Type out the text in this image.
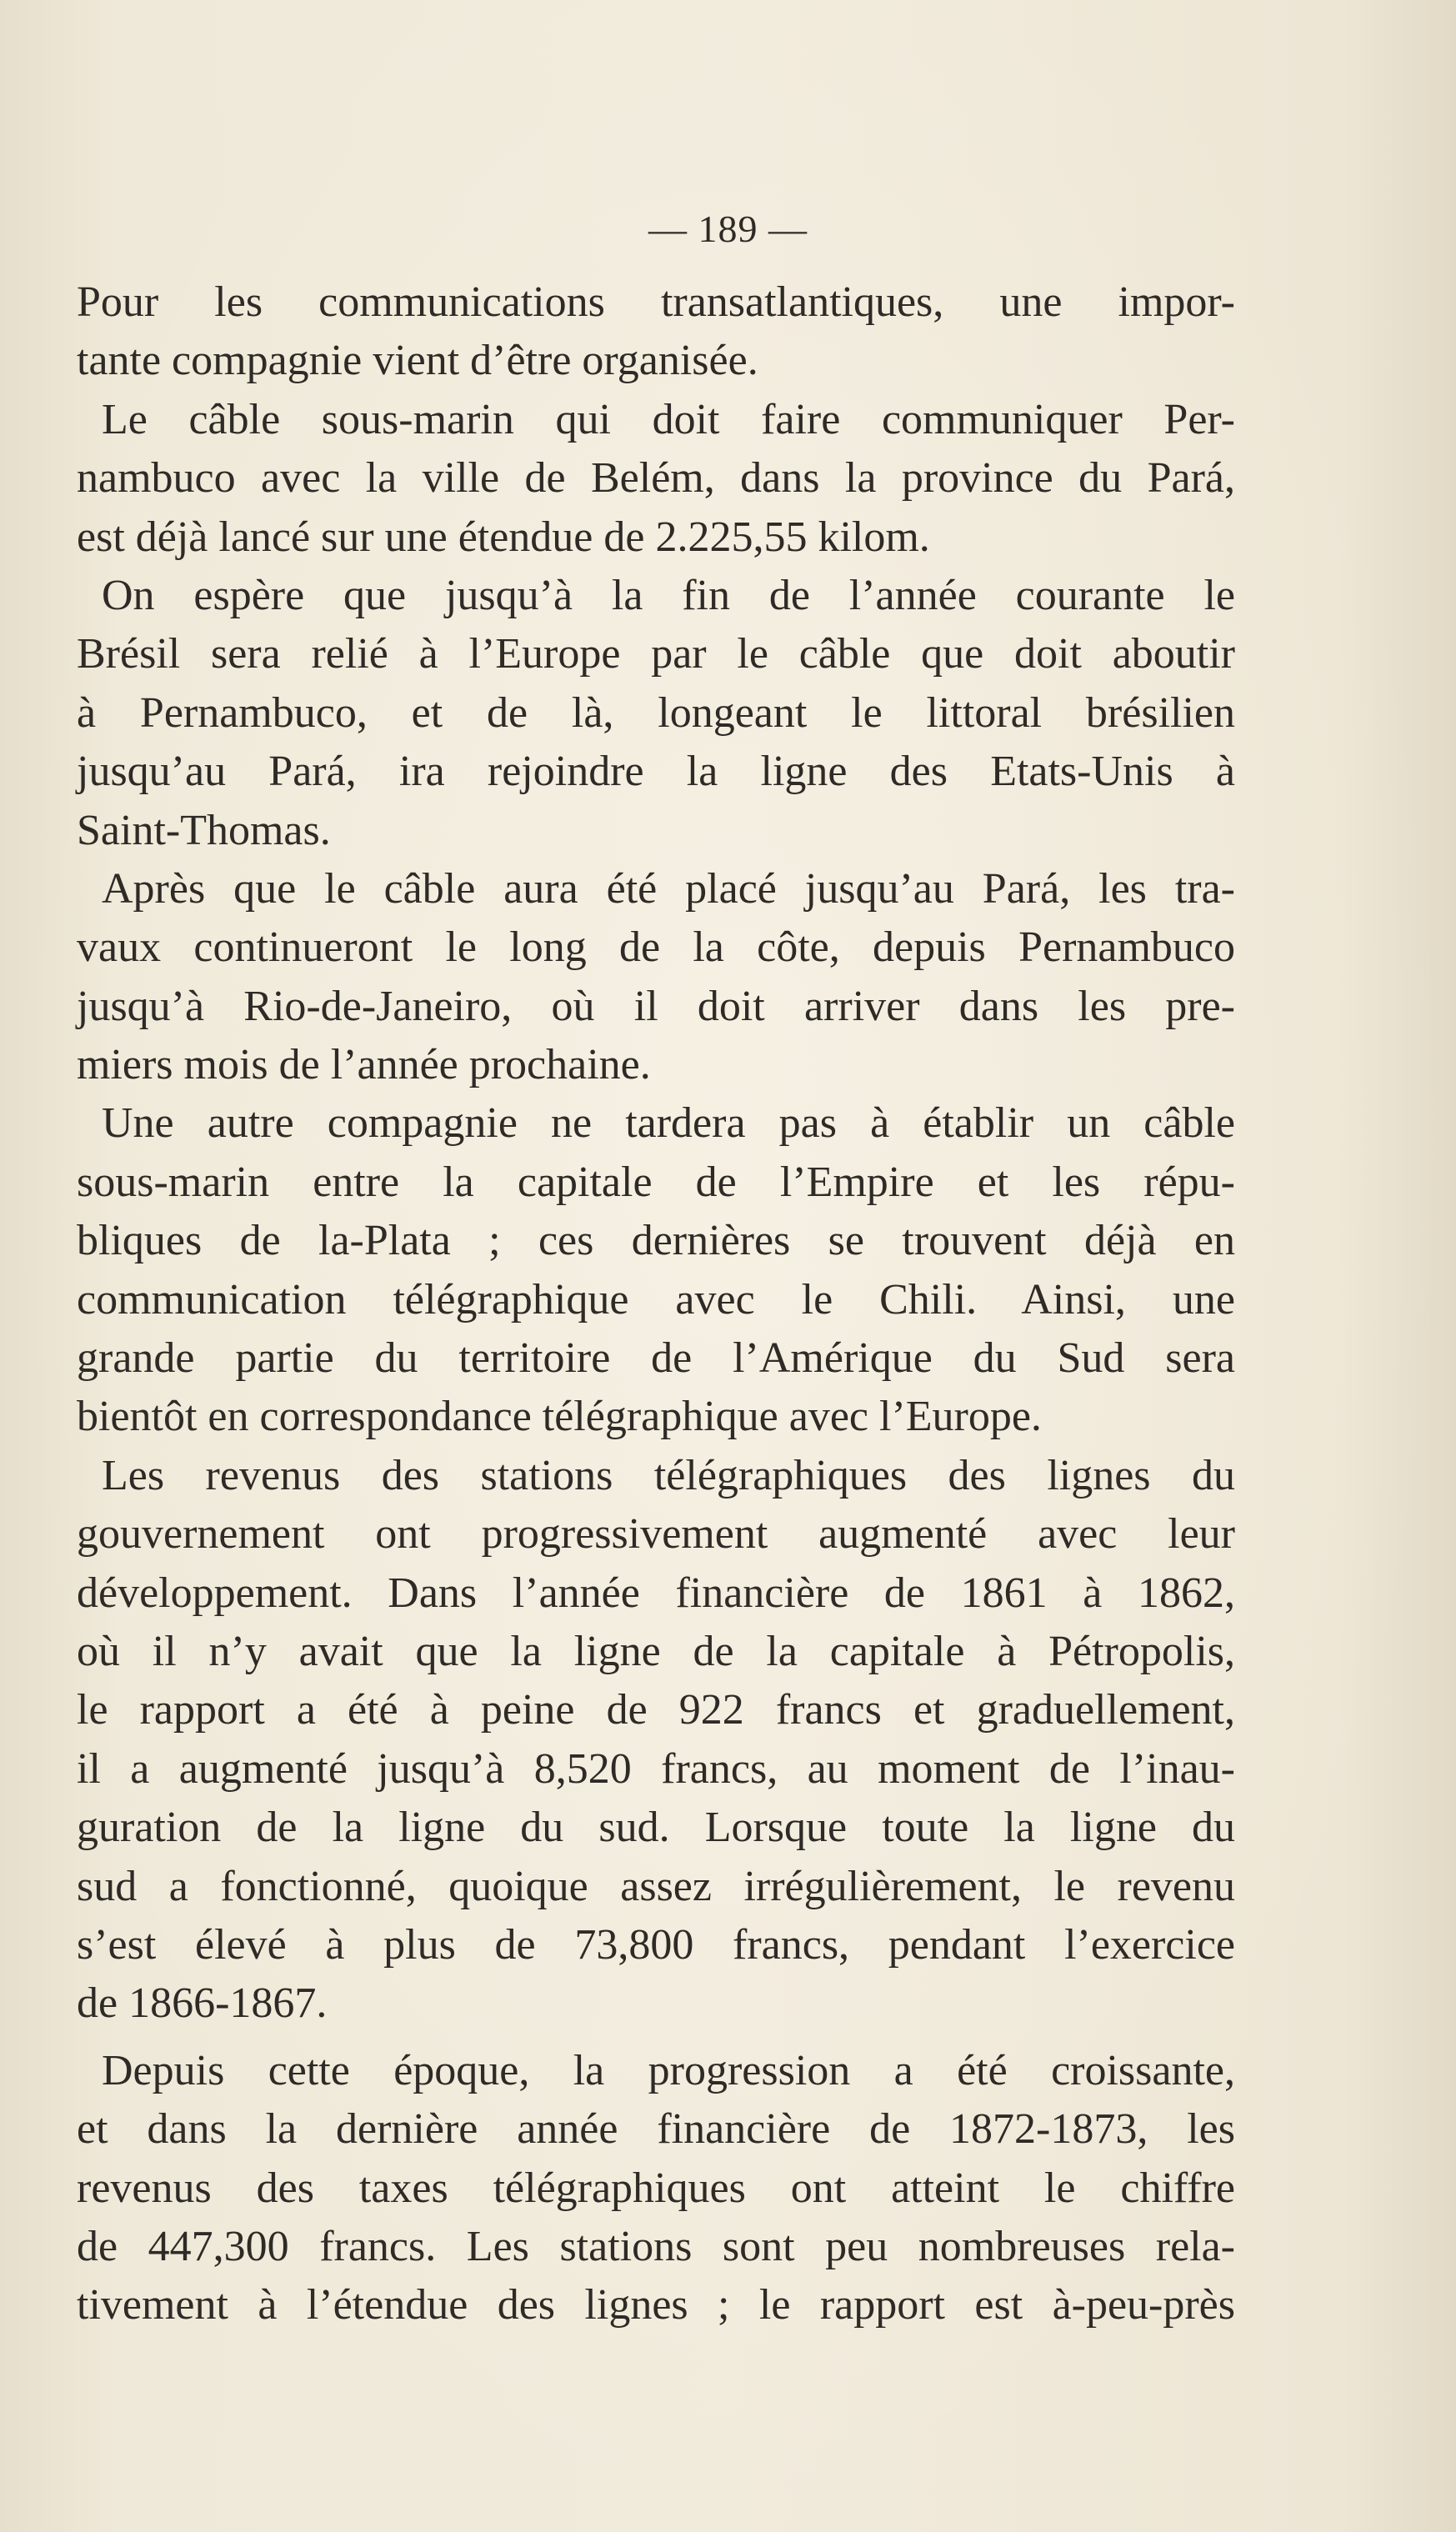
— 189 —
Pour les communications transatlantiques, une impor-
tante compagnie vient d’être organisée.
Le câble sous-marin qui doit faire communiquer Per-
nambuco avec la ville de Belém, dans la province du Pará,
est déjà lancé sur une étendue de 2.225,55 kilom.
On espère que jusqu’à la fin de l’année courante le
Brésil sera relié à l’Europe par le câble que doit aboutir
à Pernambuco, et de là, longeant le littoral brésilien
jusqu’au Pará, ira rejoindre la ligne des Etats-Unis à
Saint-Thomas.
Après que le câble aura été placé jusqu’au Pará, les tra-
vaux continueront le long de la côte, depuis Pernambuco
jusqu’à Rio-de-Janeiro, où il doit arriver dans les pre-
miers mois de l’année prochaine.
Une autre compagnie ne tardera pas à établir un câble
sous-marin entre la capitale de l’Empire et les répu-
bliques de la-Plata ; ces dernières se trouvent déjà en
communication télégraphique avec le Chili. Ainsi, une
grande partie du territoire de l’Amérique du Sud sera
bientôt en correspondance télégraphique avec l’Europe.
Les revenus des stations télégraphiques des lignes du
gouvernement ont progressivement augmenté avec leur
développement. Dans l’année financière de 1861 à 1862,
où il n’y avait que la ligne de la capitale à Pétropolis,
le rapport a été à peine de 922 francs et graduellement,
il a augmenté jusqu’à 8,520 francs, au moment de l’inau-
guration de la ligne du sud. Lorsque toute la ligne du
sud a fonctionné, quoique assez irrégulièrement, le revenu
s’est élevé à plus de 73,800 francs, pendant l’exercice
de 1866-1867.
Depuis cette époque, la progression a été croissante,
et dans la dernière année financière de 1872-1873, les
revenus des taxes télégraphiques ont atteint le chiffre
de 447,300 francs. Les stations sont peu nombreuses rela-
tivement à l’étendue des lignes ; le rapport est à-peu-près
